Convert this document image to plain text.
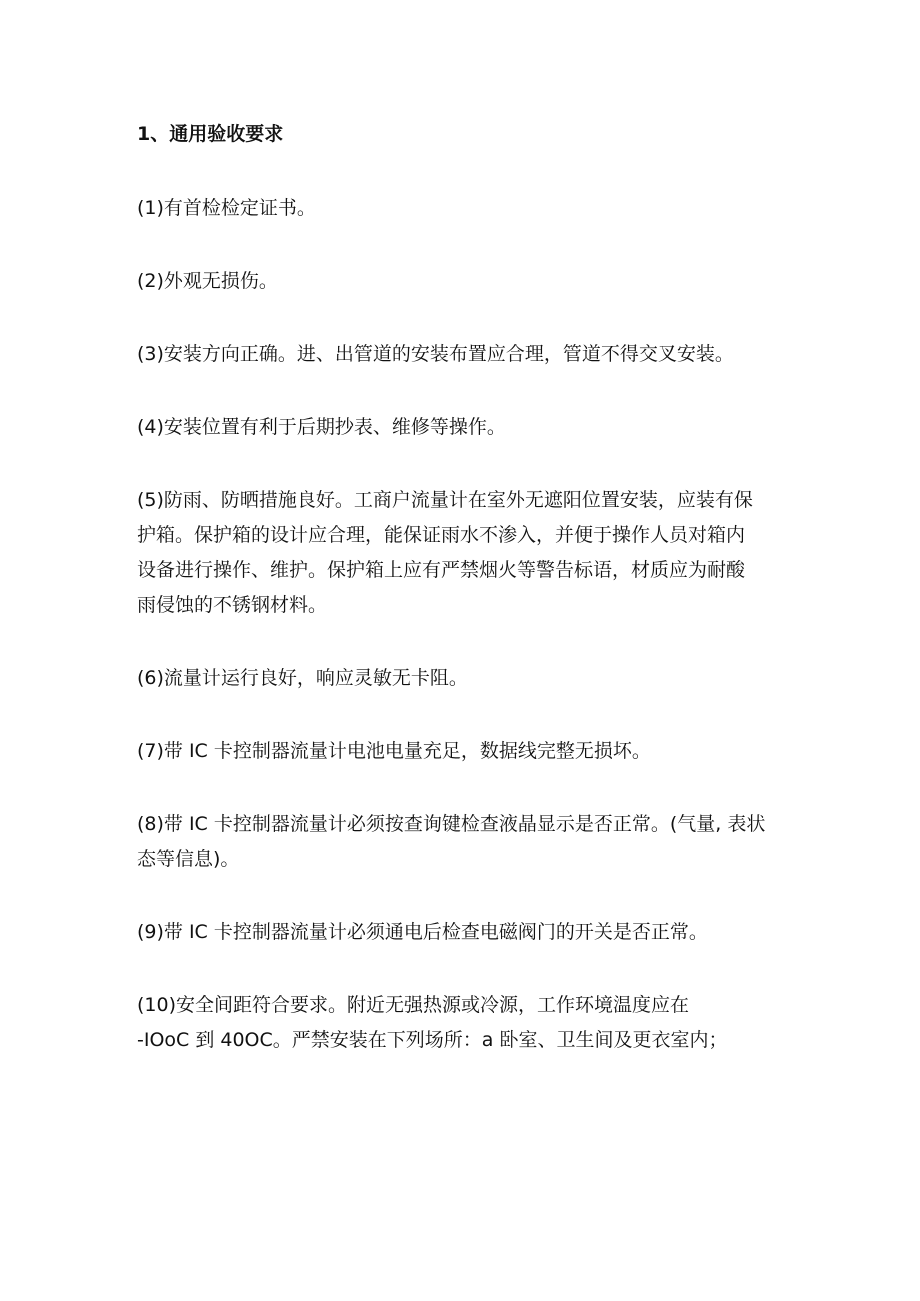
1、通用验收要求
(1)有首检检定证书。
(2)外观无损伤。
(3)安装方向正确。进、出管道的安装布置应合理，管道不得交叉安装。
(4)安装位置有利于后期抄表、维修等操作。
(5)防雨、防晒措施良好。工商户流量计在室外无遮阳位置安装，应装有保
护箱。保护箱的设计应合理，能保证雨水不渗入，并便于操作人员对箱内
设备进行操作、维护。保护箱上应有严禁烟火等警告标语，材质应为耐酸
雨侵蚀的不锈钢材料。
(6)流量计运行良好，响应灵敏无卡阻。
(7)带 IC 卡控制器流量计电池电量充足，数据线完整无损坏。
(8)带 IC 卡控制器流量计必须按查询键检查液晶显示是否正常。(气量, 表状
态等信息)。
(9)带 IC 卡控制器流量计必须通电后检查电磁阀门的开关是否正常。
(10)安全间距符合要求。附近无强热源或冷源，工作环境温度应在
-IOoC 到 40OC。严禁安装在下列场所：a 卧室、卫生间及更衣室内；
